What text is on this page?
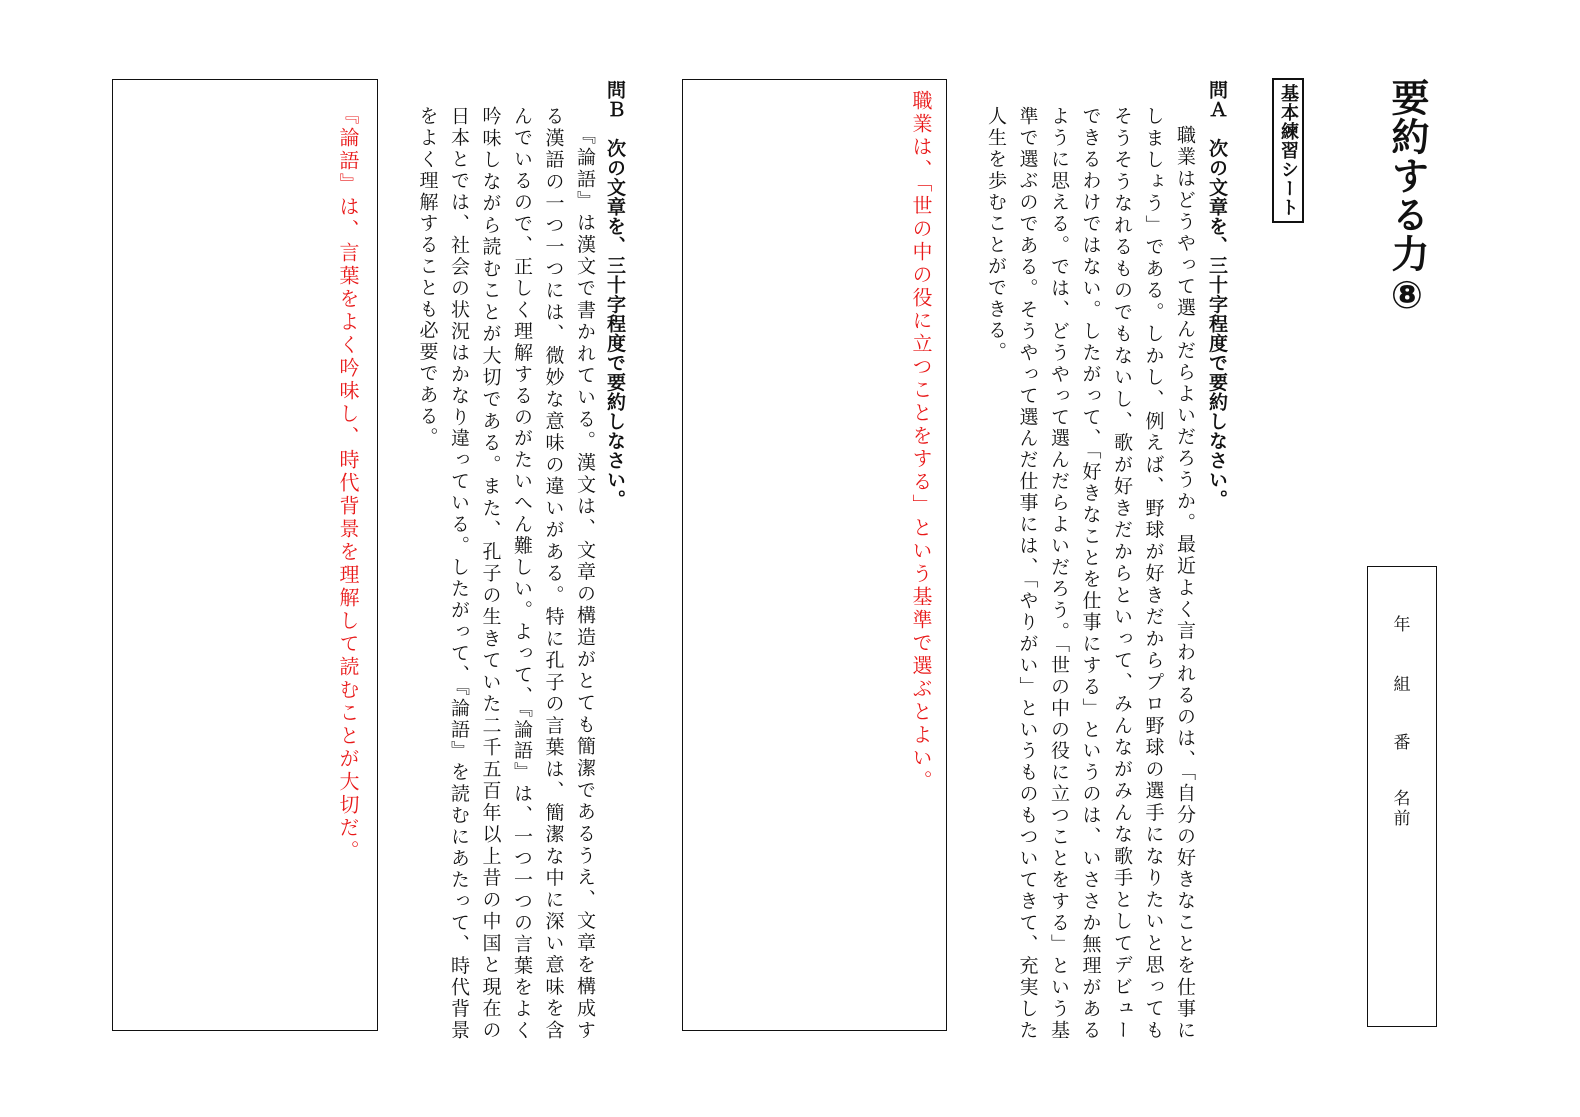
要約する力⑧
基本練習シート
問Ａ 次の文章を、三十字程度で要約しなさい。

職業はどうやって選んだらよいだろうか。最近よく言われるのは、「自分の好きなことを仕事にしましょう」である。しかし、例えば、野球が好きだからプロ野球の選手になりたいと思ってもそうそうなれるものでもないし、歌が好きだからといって、みんながみんな歌手としてデビューできるわけではない。したがって、「好きなことを仕事にする」というのは、いささか無理があるように思える。では、どうやって選んだらよいだろう。「世の中の役に立つことをする」という基準で選ぶのである。そうやって選んだ仕事には、「やりがい」というものもついてきて、充実した人生を歩むことができる。

職業は、「世の中の役に立つことをする」という基準で選ぶとよい。
問Ｂ 次の文章を、三十字程度で要約しなさい。

『論語』は漢文で書かれている。漢文は、文章の構造がとても簡潔であるうえ、文章を構成する漢語の一つ一つには、微妙な意味の違いがある。特に孔子の言葉は、簡潔な中に深い意味を含んでいるので、正しく理解するのがたいへん難しい。よって、『論語』は、一つ一つの言葉をよく吟味しながら読むことが大切である。また、孔子の生きていた二千五百年以上昔の中国と現在の日本とでは、社会の状況はかなり違っている。したがって、『論語』を読むにあたって、時代背景をよく理解することも必要である。

『論語』は、言葉をよく吟味し、時代背景を理解して読むことが大切だ。	年
組
番
名
前
